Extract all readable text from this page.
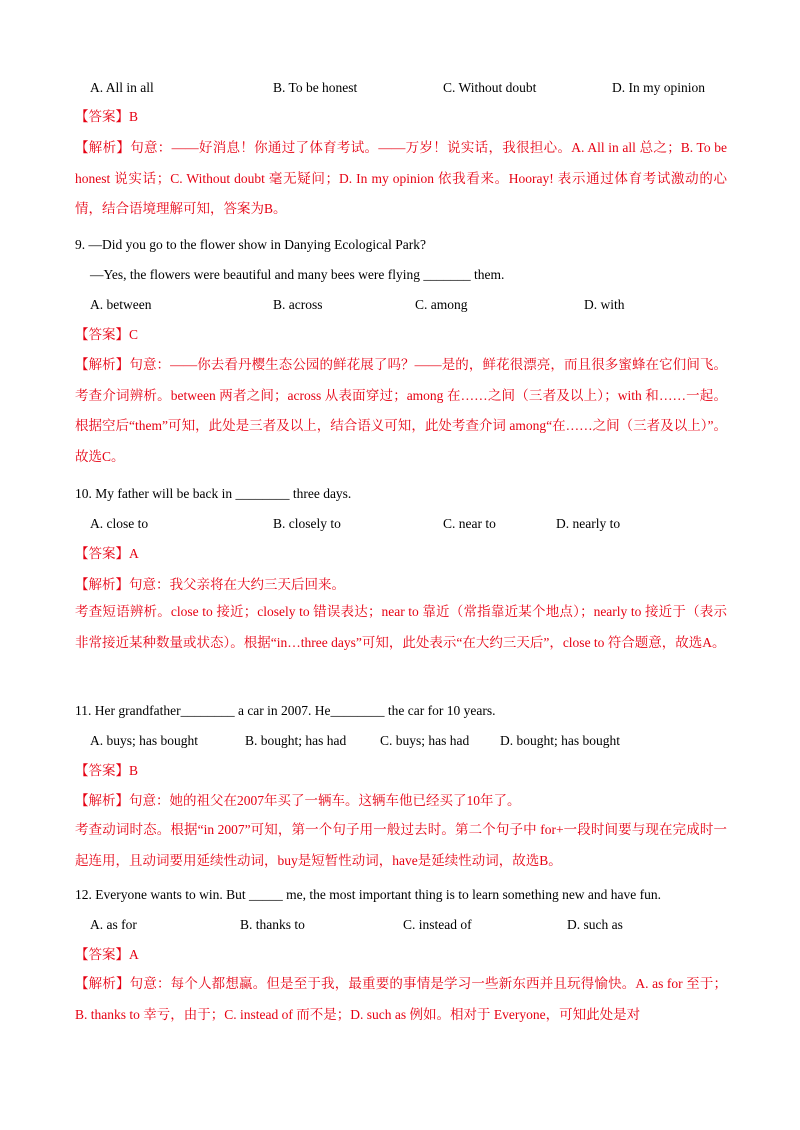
A. All in all	B. To be honest	C. Without doubt	D. In my opinion
【答案】B
【解析】句意：——好消息！你通过了体育考试。——万岁！说实话，我很担心。A. All in all 总之；B. To be honest 说实话；C. Without doubt 毫无疑问；D. In my opinion 依我看来。Hooray! 表示通过体育考试激动的心情，结合语境理解可知，答案为B。
9. —Did you go to the flower show in Danying Ecological Park?
—Yes, the flowers were beautiful and many bees were flying _______ them.
A. between	B. across	C. among	D. with
【答案】C
【解析】句意：——你去看丹樱生态公园的鲜花展了吗？——是的，鲜花很漂亮，而且很多蜜蜂在它们间飞。考查介词辨析。between 两者之间；across 从表面穿过；among 在……之间（三者及以上）；with 和……一起。根据空后“them”可知，此处是三者及以上，结合语义可知，此处考查介词 among“在……之间（三者及以上）”。故选C。
10. My father will be back in ________ three days.
A. close to	B. closely to	C. near to	D. nearly to
【答案】A
【解析】句意：我父亲将在大约三天后回来。
考查短语辨析。close to 接近；closely to 错误表达；near to 靠近（常指靠近某个地点）；nearly to 接近于（表示非常接近某种数量或状态）。根据“in…three days”可知，此处表示“在大约三天后”，close to 符合题意，故选A。
11. Her grandfather________ a car in 2007. He________ the car for 10 years.
A. buys; has bought	B. bought; has had	C. buys; has had D. bought; has bought
【答案】B
【解析】句意：她的祖父在2007年买了一辆车。这辆车他已经买了10年了。
考查动词时态。根据“in 2007”可知，第一个句子用一般过去时。第二个句子中 for+一段时间要与现在完成时一起连用，且动词要用延续性动词，buy是短暂性动词，have是延续性动词，故选B。
12. Everyone wants to win. But _____ me, the most important thing is to learn something new and have fun.
A. as for	B. thanks to	C. instead of	D. such as
【答案】A
【解析】句意：每个人都想赢。但是至于我，最重要的事情是学习一些新东西并且玩得愉快。A. as for 至于；B. thanks to 幸亏，由于；C. instead of 而不是；D. such as 例如。相对于 Everyone，可知此处是对
